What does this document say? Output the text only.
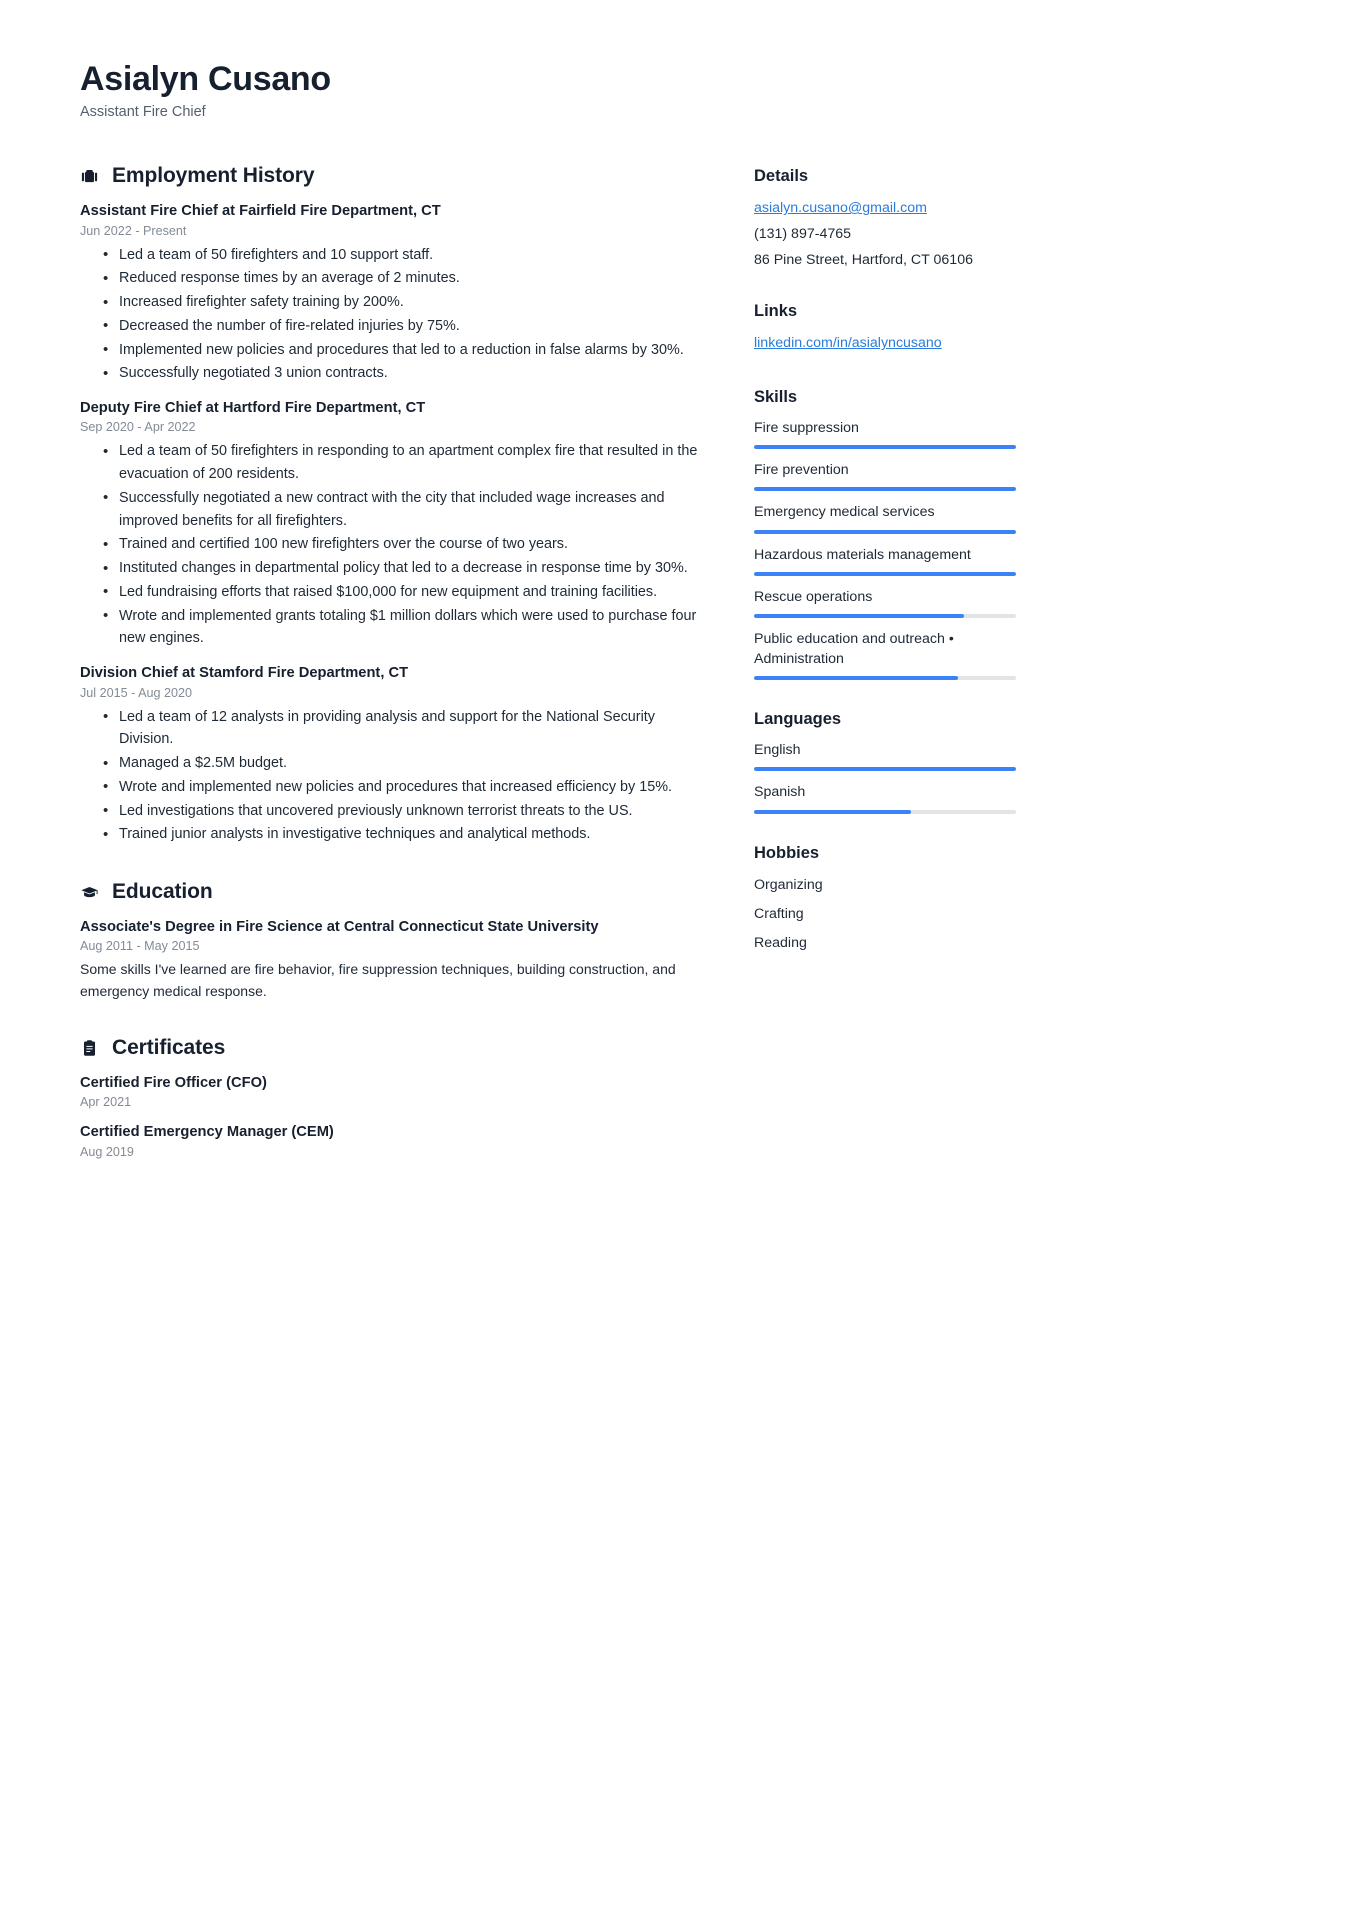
Asialyn Cusano
Assistant Fire Chief
Employment History
Assistant Fire Chief at Fairfield Fire Department, CT
Jun 2022 - Present
• Led a team of 50 firefighters and 10 support staff.
• Reduced response times by an average of 2 minutes.
• Increased firefighter safety training by 200%.
• Decreased the number of fire-related injuries by 75%.
• Implemented new policies and procedures that led to a reduction in false alarms by 30%.
• Successfully negotiated 3 union contracts.
Deputy Fire Chief at Hartford Fire Department, CT
Sep 2020 - Apr 2022
• Led a team of 50 firefighters in responding to an apartment complex fire that resulted in the evacuation of 200 residents.
• Successfully negotiated a new contract with the city that included wage increases and improved benefits for all firefighters.
• Trained and certified 100 new firefighters over the course of two years.
• Instituted changes in departmental policy that led to a decrease in response time by 30%.
• Led fundraising efforts that raised $100,000 for new equipment and training facilities.
• Wrote and implemented grants totaling $1 million dollars which were used to purchase four new engines.
Division Chief at Stamford Fire Department, CT
Jul 2015 - Aug 2020
• Led a team of 12 analysts in providing analysis and support for the National Security Division.
• Managed a $2.5M budget.
• Wrote and implemented new policies and procedures that increased efficiency by 15%.
• Led investigations that uncovered previously unknown terrorist threats to the US.
• Trained junior analysts in investigative techniques and analytical methods.
Education
Associate's Degree in Fire Science at Central Connecticut State University
Aug 2011 - May 2015
Some skills I've learned are fire behavior, fire suppression techniques, building construction, and emergency medical response.
Certificates
Certified Fire Officer (CFO)
Apr 2021
Certified Emergency Manager (CEM)
Aug 2019
Details
asialyn.cusano@gmail.com
(131) 897-4765
86 Pine Street, Hartford, CT 06106
Links
linkedin.com/in/asialyncusano
Skills
Fire suppression
Fire prevention
Emergency medical services
Hazardous materials management
Rescue operations
Public education and outreach • Administration
Languages
English
Spanish
Hobbies
Organizing
Crafting
Reading
